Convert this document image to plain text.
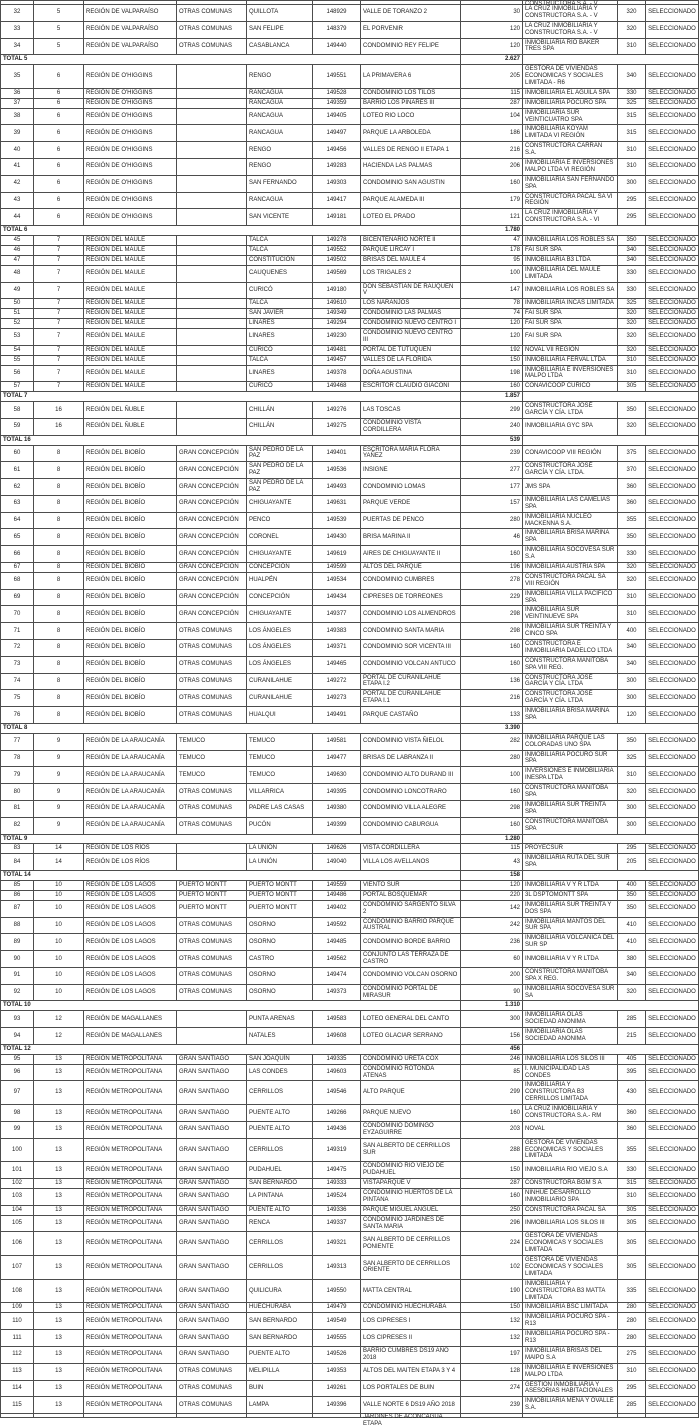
								CONSTRUCTORA S.A. - V		

32	5	REGIÓN DE VALPARAÍSO	OTRAS COMUNAS	QUILLOTA	148929	VALLE DE TORANZO 2	30	LA CRUZ INMOBILIARIA Y CONSTRUCTORA S.A. - V	320	SELECCIONADO
33	5	REGIÓN DE VALPARAÍSO	OTRAS COMUNAS	SAN FELIPE	148379	EL PORVENIR	120	LA CRUZ INMOBILIARIA Y CONSTRUCTORA S.A. - V	320	SELECCIONADO
34	5	REGIÓN DE VALPARAÍSO	OTRAS COMUNAS	CASABLANCA	149440	CONDOMINIO REY FELIPE	120	INMOBILIARIA RIO BAKER TRES SPA	310	SELECCIONADO
TOTAL 5							2.627			
35	6	REGIÓN DE O'HIGGINS		RENGO	149551	LA PRIMAVERA 6	205	GESTORA DE VIVIENDAS ECONOMICAS Y SOCIALES LIMITADA - R6	340	SELECCIONADO
36	6	REGIÓN DE O'HIGGINS		RANCAGUA	149528	CONDOMINIO LOS TILOS	115	INMOBILIARIA EL AGUILA SPA	330	SELECCIONADO
37	6	REGIÓN DE O'HIGGINS		RANCAGUA	149359	BARRIO LOS PINARES III	287	INMOBILIARIA POCURO SPA	325	SELECCIONADO
38	6	REGIÓN DE O'HIGGINS		RANCAGUA	149405	LOTEO RIO LOCO	104	INMOBILIARIA SUR VEINTICUATRO SPA	315	SELECCIONADO
39	6	REGIÓN DE O'HIGGINS		RANCAGUA	149497	PARQUE LA ARBOLEDA	186	INMOBILIARIA KOYAM LIMITADA VI REGIÓN	315	SELECCIONADO
40	6	REGIÓN DE O'HIGGINS		RENGO	149456	VALLES DE RENGO II ETAPA 1	216	CONSTRUCTORA CARRAN S.A.	310	SELECCIONADO
41	6	REGIÓN DE O'HIGGINS		RENGO	149283	HACIENDA LAS PALMAS	206	INMOBILIARIA E INVERSIONES MALPO LTDA VI REGIÓN	310	SELECCIONADO
42	6	REGIÓN DE O'HIGGINS		SAN FERNANDO	149303	CONDOMINIO SAN AGUSTIN	160	INMOBILIARIA SAN FERNANDO SPA	300	SELECCIONADO
43	6	REGIÓN DE O'HIGGINS		RANCAGUA	149417	PARQUE ALAMEDA III	179	CONSTRUCTORA PACAL SA VI REGIÓN	295	SELECCIONADO
44	6	REGIÓN DE O'HIGGINS		SAN VICENTE	149181	LOTEO EL PRADO	121	LA CRUZ INMOBILIARIA Y CONSTRUCTORA S.A. - VI	295	SELECCIONADO
TOTAL 6							1.780			
45	7	REGIÓN DEL MAULE		TALCA	149278	BICENTENARIO NORTE II	47	INMOBILIARIA LOS ROBLES SA	350	SELECCIONADO
46	7	REGIÓN DEL MAULE		TALCA	149552	PARQUE LIRCAY I	178	FAI SUR SPA	340	SELECCIONADO
47	7	REGIÓN DEL MAULE		CONSTITUCIÓN	149502	BRISAS DEL MAULE 4	95	INMOBILIARIA B3 LTDA	340	SELECCIONADO
48	7	REGIÓN DEL MAULE		CAUQUENES	149569	LOS TRIGALES 2	100	INMOBILIARIA DEL MAULE LIMITADA	330	SELECCIONADO
49	7	REGIÓN DEL MAULE		CURICÓ	149180	DON SEBASTIAN DE RAUQUEN V	147	INMOBILIARIA LOS ROBLES SA	330	SELECCIONADO
50	7	REGIÓN DEL MAULE		TALCA	149610	LOS NARANJOS	78	INMOBILIARIA INCAS LIMITADA	325	SELECCIONADO
51	7	REGIÓN DEL MAULE		SAN JAVIER	149349	CONDOMINIO LAS PALMAS	74	FAI SUR SPA	320	SELECCIONADO
52	7	REGIÓN DEL MAULE		LINARES	149294	CONDOMINIO NUEVO CENTRO I	120	FAI SUR SPA	320	SELECCIONADO
53	7	REGIÓN DEL MAULE		LINARES	149230	CONDOMINIO NUEVO CENTRO III	120	FAI SUR SPA	320	SELECCIONADO
54	7	REGIÓN DEL MAULE		CURICÓ	149481	PORTAL DE TUTUQUEN	192	NOVAL VII REGIÓN	320	SELECCIONADO
55	7	REGIÓN DEL MAULE		TALCA	149457	VALLES DE LA FLORIDA	150	INMOBILIARIA FERVAL LTDA	310	SELECCIONADO
56	7	REGIÓN DEL MAULE		LINARES	149378	DOÑA AGUSTINA	198	INMOBILIARIA E INVERSIONES MALPO LTDA	310	SELECCIONADO
57	7	REGIÓN DEL MAULE		CURICÓ	149468	ESCRITOR CLAUDIO GIACONI	160	CONAVICOOP CURICO	305	SELECCIONADO
TOTAL 7							1.857			
58	16	REGIÓN DEL ÑUBLE		CHILLÁN	149276	LAS TOSCAS	299	CONSTRUCTORA JOSÉ GARCÍA Y CÍA. LTDA	350	SELECCIONADO
59	16	REGIÓN DEL ÑUBLE		CHILLÁN	149275	CONDOMINIO VISTA CORDILLERA	240	INMOBILIARIA GYC SPA	320	SELECCIONADO
TOTAL 16							539			
60	8	REGIÓN DEL BIOBÍO	GRAN CONCEPCIÓN	SAN PEDRO DE LA PAZ	149401	ESCRITORA MARIA FLORA YAÑEZ	239	CONAVICOOP VIII REGIÓN	375	SELECCIONADO
61	8	REGIÓN DEL BIOBÍO	GRAN CONCEPCIÓN	SAN PEDRO DE LA PAZ	149536	INSIGNE	277	CONSTRUCTORA JOSÉ GARCÍA Y CÍA. LTDA.	370	SELECCIONADO
62	8	REGIÓN DEL BIOBÍO	GRAN CONCEPCIÓN	SAN PEDRO DE LA PAZ	149493	CONDOMINIO LOMAS	177	JMS SPA	360	SELECCIONADO
63	8	REGIÓN DEL BIOBÍO	GRAN CONCEPCIÓN	CHIGUAYANTE	149631	PARQUE VERDE	157	INMOBILIARIA LAS CAMELIAS SPA	360	SELECCIONADO
64	8	REGIÓN DEL BIOBÍO	GRAN CONCEPCIÓN	PENCO	149539	PUERTAS DE PENCO	280	INMOBILIARIA NUCLEO MACKENNA S.A.	355	SELECCIONADO
65	8	REGIÓN DEL BIOBÍO	GRAN CONCEPCIÓN	CORONEL	149430	BRISA MARINA II	46	INMOBILIARIA BRISA MARINA SPA	350	SELECCIONADO
66	8	REGIÓN DEL BIOBÍO	GRAN CONCEPCIÓN	CHIGUAYANTE	149619	AIRES DE CHIGUAYANTE II	160	INMOBILIARIA SOCOVESA SUR S.A	330	SELECCIONADO
67	8	REGIÓN DEL BIOBÍO	GRAN CONCEPCIÓN	CONCEPCIÓN	149599	ALTOS DEL PARQUE	196	INMOBILIARIA AUSTRIA SPA	320	SELECCIONADO
68	8	REGIÓN DEL BIOBÍO	GRAN CONCEPCIÓN	HUALPÉN	149534	CONDOMINIO CUMBRES	278	CONSTRUCTORA PACAL SA VIII REGIÓN	320	SELECCIONADO
69	8	REGIÓN DEL BIOBÍO	GRAN CONCEPCIÓN	CONCEPCIÓN	149434	CIPRESES DE TORREONES	229	INMOBILIARIA VILLA PACIFICO SPA	310	SELECCIONADO
70	8	REGIÓN DEL BIOBÍO	GRAN CONCEPCIÓN	CHIGUAYANTE	149377	CONDOMINIO LOS ALMENDROS	298	INMOBILIARIA SUR VEINTINUEVE SPA	310	SELECCIONADO
71	8	REGIÓN DEL BIOBÍO	OTRAS COMUNAS	LOS ÁNGELES	149383	CONDOMINIO SANTA MARIA	298	INMOBILIARIA SUR TREINTA Y CINCO SPA	400	SELECCIONADO
72	8	REGIÓN DEL BIOBÍO	OTRAS COMUNAS	LOS ÁNGELES	149371	CONDOMINIO SOR VICENTA III	160	CONSTRUCTORA E INMOBILIARIA DADELCO LTDA	340	SELECCIONADO
73	8	REGIÓN DEL BIOBÍO	OTRAS COMUNAS	LOS ÁNGELES	149465	CONDOMINIO VOLCAN ANTUCO	160	CONSTRUCTORA MANITOBA SPA VIII REG.	340	SELECCIONADO
74	8	REGIÓN DEL BIOBÍO	OTRAS COMUNAS	CURANILAHUE	149272	PORTAL DE CURANILAHUE ETAPA I.2	136	CONSTRUCTORA JOSÉ GARCÍA Y CÍA. LTDA	300	SELECCIONADO
75	8	REGIÓN DEL BIOBÍO	OTRAS COMUNAS	CURANILAHUE	149273	PORTAL DE CURANILAHUE ETAPA I.1	216	CONSTRUCTORA JOSÉ GARCÍA Y CÍA. LTDA	300	SELECCIONADO
76	8	REGIÓN DEL BIOBÍO	OTRAS COMUNAS	HUALQUI	149491	PARQUE CASTAÑO	133	INMOBILIARIA BRISA MARINA SPA	120	SELECCIONADO
TOTAL 8							3.390			
77	9	REGIÓN DE LA ARAUCANÍA	TEMUCO	TEMUCO	149581	CONDOMINIO VISTA ÑIELOL	282	INMOBILIARIA PARQUE LAS COLORADAS UNO SPA	350	SELECCIONADO
78	9	REGIÓN DE LA ARAUCANÍA	TEMUCO	TEMUCO	149477	BRISAS DE LABRANZA II	280	INMOBILIARIA POCURO SUR SPA	325	SELECCIONADO
79	9	REGIÓN DE LA ARAUCANÍA	TEMUCO	TEMUCO	149630	CONDOMINIO ALTO DURAND III	100	INVERSIONES E INMOBILIARIA INESPA LTDA	310	SELECCIONADO
80	9	REGIÓN DE LA ARAUCANÍA	OTRAS COMUNAS	VILLARRICA	149395	CONDOMINIO LONCOTRARO	160	CONSTRUCTORA MANITOBA SPA	320	SELECCIONADO
81	9	REGIÓN DE LA ARAUCANÍA	OTRAS COMUNAS	PADRE LAS CASAS	149380	CONDOMINIO VILLA ALEGRE	298	INMOBILIARIA SUR TREINTA SPA	300	SELECCIONADO
82	9	REGIÓN DE LA ARAUCANÍA	OTRAS COMUNAS	PUCÓN	149399	CONDOMINIO CABURGUA	160	CONSTRUCTORA MANITOBA SPA	300	SELECCIONADO
TOTAL 9							1.280			
83	14	REGIÓN DE LOS RÍOS		LA UNIÓN	149626	VISTA CORDILLERA	115	PROYECSUR	295	SELECCIONADO
84	14	REGIÓN DE LOS RÍOS		LA UNIÓN	149040	VILLA LOS AVELLANOS	43	INMOBILIARIA RUTA DEL SUR SPA	205	SELECCIONADO
TOTAL 14							158			
85	10	REGIÓN DE LOS LAGOS	PUERTO MONTT	PUERTO MONTT	149559	VIENTO SUR	120	INMOBILIARIA V Y R LTDA	400	SELECCIONADO
86	10	REGIÓN DE LOS LAGOS	PUERTO MONTT	PUERTO MONTT	149486	PORTAL BOSQUEMAR	220	3L DSPTOMONTT SPA	350	SELECCIONADO
87	10	REGIÓN DE LOS LAGOS	PUERTO MONTT	PUERTO MONTT	149402	CONDOMINIO SARGENTO SILVA 2	142	INMOBILIARIA SUR TREINTA Y DOS SPA	350	SELECCIONADO
88	10	REGIÓN DE LOS LAGOS	OTRAS COMUNAS	OSORNO	149592	CONDOMINIO BARRIO PARQUE AUSTRAL	242	INMOBILIARIA MANTOS DEL SUR SPA	410	SELECCIONADO
89	10	REGIÓN DE LOS LAGOS	OTRAS COMUNAS	OSORNO	149485	CONDOMINIO BORDE BARRIO	236	INMOBILIARIA VOLCANICA DEL SUR SP	410	SELECCIONADO
90	10	REGIÓN DE LOS LAGOS	OTRAS COMUNAS	CASTRO	149562	CONJUNTO LAS TERRAZA DE CASTRO	60	INMOBILIARIA V Y R LTDA	380	SELECCIONADO
91	10	REGIÓN DE LOS LAGOS	OTRAS COMUNAS	OSORNO	149474	CONDOMINIO VOLCAN OSORNO	200	CONSTRUCTORA MANITOBA SPA X REG.	340	SELECCIONADO
92	10	REGIÓN DE LOS LAGOS	OTRAS COMUNAS	OSORNO	149373	CONDOMINIO PORTAL DE MIRASUR	90	INMOBILIARIA SOCOVESA SUR SA	320	SELECCIONADO
TOTAL 10							1.310			
93	12	REGIÓN DE MAGALLANES		PUNTA ARENAS	149583	LOTEO GENERAL DEL CANTO	300	INMOBILIARIA OLAS SOCIEDAD ANONIMA	285	SELECCIONADO
94	12	REGIÓN DE MAGALLANES		NATALES	149608	LOTEO GLACIAR SERRANO	156	INMOBILIARIA OLAS SOCIEDAD ANONIMA	215	SELECCIONADO
TOTAL 12							456			
95	13	REGIÓN METROPOLITANA	GRAN SANTIAGO	SAN JOAQUÍN	149335	CONDOMINIO URETA COX	246	INMOBILIARIA LOS SILOS III	405	SELECCIONADO
96	13	REGIÓN METROPOLITANA	GRAN SANTIAGO	LAS CONDES	149603	CONDOMINIO ROTONDA ATENAS	85	I. MUNICIPALIDAD LAS CONDES	395	SELECCIONADO
97	13	REGIÓN METROPOLITANA	GRAN SANTIAGO	CERRILLOS	149546	ALTO PARQUE	299	INMOBILIARIA Y CONSTRUCTORA B3 CERRILLOS LIMITADA	430	SELECCIONADO
98	13	REGIÓN METROPOLITANA	GRAN SANTIAGO	PUENTE ALTO	149266	PARQUE NUEVO	160	LA CRUZ INMOBILIARIA Y CONSTRUCTORA S.A.- RM	360	SELECCIONADO
99	13	REGIÓN METROPOLITANA	GRAN SANTIAGO	PUENTE ALTO	149436	CONDOMINIO DOMINGO EYZAGUIRRE	203	NOVAL	360	SELECCIONADO
100	13	REGIÓN METROPOLITANA	GRAN SANTIAGO	CERRILLOS	149319	SAN ALBERTO DE CERRILLOS SUR	288	GESTORA DE VIVIENDAS ECONOMICAS Y SOCIALES LIMITADA	355	SELECCIONADO
101	13	REGIÓN METROPOLITANA	GRAN SANTIAGO	PUDAHUEL	149475	CONDOMINIO RIO VIEJO DE PUDAHUEL	150	INMOBILIARIA RIO VIEJO S.A	330	SELECCIONADO
102	13	REGIÓN METROPOLITANA	GRAN SANTIAGO	SAN BERNARDO	149333	VISTAPARQUE V	287	CONSTRUCTORA BGM S A	315	SELECCIONADO
103	13	REGIÓN METROPOLITANA	GRAN SANTIAGO	LA PINTANA	149524	CONDOMINIO HUERTOS DE LA PINTANA	160	NINHUE DESARROLLO INMOBILIARIO SPA	310	SELECCIONADO
104	13	REGIÓN METROPOLITANA	GRAN SANTIAGO	PUENTE ALTO	149336	PARQUE MIGUEL ANGUEL	250	CONSTRUCTORA PACAL SA	305	SELECCIONADO
105	13	REGIÓN METROPOLITANA	GRAN SANTIAGO	RENCA	149337	CONDOMINIO JARDINES DE SANTA MARIA	296	INMOBILIARIA LOS SILOS III	305	SELECCIONADO
106	13	REGIÓN METROPOLITANA	GRAN SANTIAGO	CERRILLOS	149321	SAN ALBERTO DE CERRILLOS PONIENTE	224	GESTORA DE VIVIENDAS ECONOMICAS Y SOCIALES LIMITADA	305	SELECCIONADO
107	13	REGIÓN METROPOLITANA	GRAN SANTIAGO	CERRILLOS	149313	SAN ALBERTO DE CERRILLOS ORIENTE	102	GESTORA DE VIVIENDAS ECONOMICAS Y SOCIALES LIMITADA	305	SELECCIONADO
108	13	REGIÓN METROPOLITANA	GRAN SANTIAGO	QUILICURA	149550	MATTA CENTRAL	190	INMOBILIARIA Y CONSTRUCTORA B3 MATTA LIMITADA	335	SELECCIONADO
109	13	REGIÓN METROPOLITANA	GRAN SANTIAGO	HUECHURABA	149479	CONDOMINIO HUECHURABA	150	INMOBILIARIA BSC LIMITADA	280	SELECCIONADO
110	13	REGIÓN METROPOLITANA	GRAN SANTIAGO	SAN BERNARDO	149549	LOS CIPRESES I	132	INMOBILIARIA POCURO SPA - R13	280	SELECCIONADO
111	13	REGIÓN METROPOLITANA	GRAN SANTIAGO	SAN BERNARDO	149555	LOS CIPRESES II	132	INMOBILIARIA POCURO SPA - R13	280	SELECCIONADO
112	13	REGIÓN METROPOLITANA	GRAN SANTIAGO	PUENTE ALTO	149526	BARRIO CUMBRES DS19 AÑO 2018	197	INMOBILIARIA BRISAS DEL MAIPO S.A	275	SELECCIONADO
113	13	REGIÓN METROPOLITANA	OTRAS COMUNAS	MELIPILLA	149353	ALTOS DEL MAITEN ETAPA 3 Y 4	128	INMOBILIARIA E INVERSIONES MALPO LTDA	310	SELECCIONADO
114	13	REGIÓN METROPOLITANA	OTRAS COMUNAS	BUIN	149261	LOS PORTALES DE BUIN	274	GESTION INMOBILIARIA Y ASESORIAS HABITACIONALES	295	SELECCIONADO
115	13	REGIÓN METROPOLITANA	OTRAS COMUNAS	LAMPA	149396	VALLE NORTE 6 DS19 AÑO 2018	239	INMOBILIARIA MENA Y OVALLE S.A.	285	SELECCIONADO

						JARDINES DE ACONCAGUA ETAPA				
